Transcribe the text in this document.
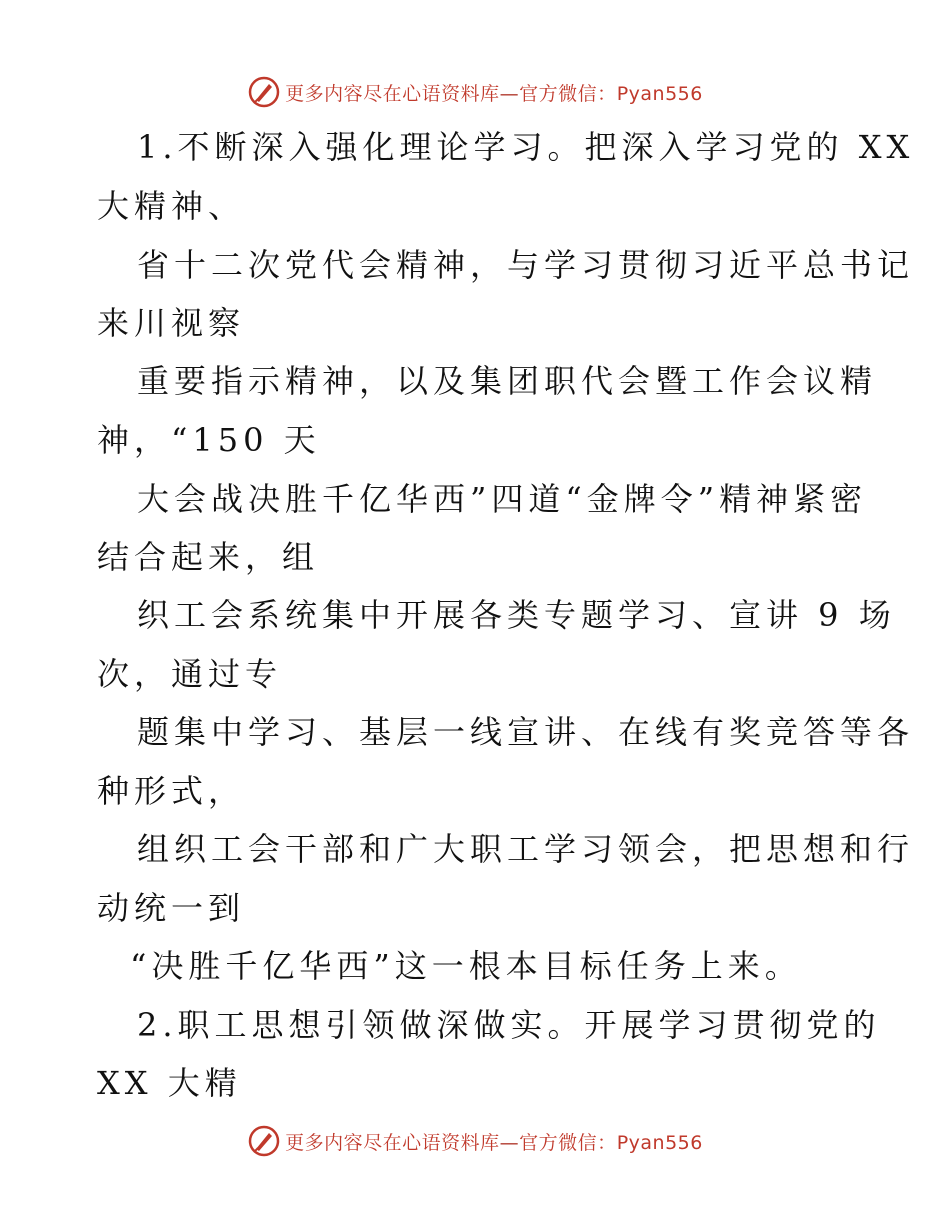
更多内容尽在心语资料库—官方微信：Pyan556
1.不断深入强化理论学习。把深入学习党的 XX
大精神、
省十二次党代会精神，与学习贯彻习近平总书记
来川视察
重要指示精神，以及集团职代会暨工作会议精
神，“150 天
大会战决胜千亿华西”四道“金牌令”精神紧密
结合起来，组
织工会系统集中开展各类专题学习、宣讲 9 场
次，通过专
题集中学习、基层一线宣讲、在线有奖竞答等各
种形式，
组织工会干部和广大职工学习领会，把思想和行
动统一到
“决胜千亿华西”这一根本目标任务上来。
2.职工思想引领做深做实。开展学习贯彻党的
XX 大精
更多内容尽在心语资料库—官方微信：Pyan556
